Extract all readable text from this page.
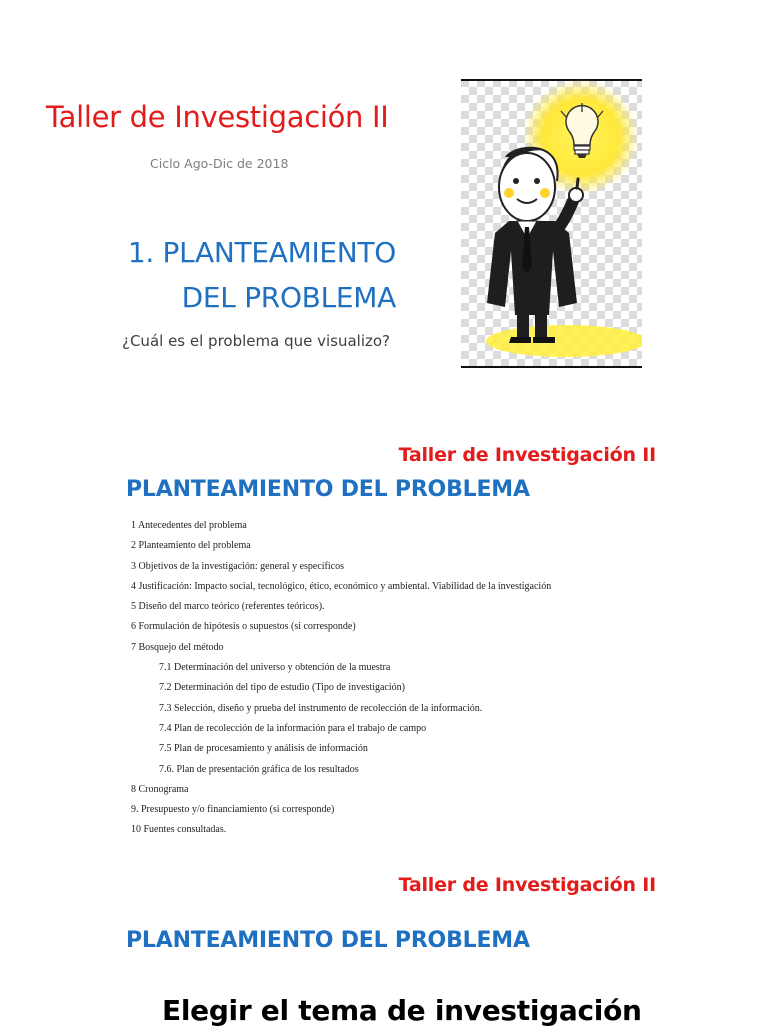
Taller de Investigación II
Ciclo Ago-Dic de 2018
1. PLANTEAMIENTO
DEL PROBLEMA
¿Cuál es el problema que visualizo?
Taller de Investigación II
PLANTEAMIENTO DEL PROBLEMA
1 Antecedentes del problema
2 Planteamiento del problema
3 Objetivos de la investigación: general y específicos
4 Justificación: Impacto social, tecnológico, ético, económico y ambiental. Viabilidad de la investigación
5 Diseño del marco teórico (referentes teóricos).
6 Formulación de hipótesis o supuestos (si corresponde)
7 Bosquejo del método
7.1 Determinación del universo y obtención de la muestra
7.2 Determinación del tipo de estudio (Tipo de investigación)
7.3 Selección, diseño y prueba del instrumento de recolección de la información.
7.4 Plan de recolección de la información para el trabajo de campo
7.5 Plan de procesamiento y análisis de información
7.6. Plan de presentación gráfica de los resultados
8 Cronograma
9. Presupuesto y/o financiamiento (si corresponde)
10 Fuentes consultadas.
Taller de Investigación II
PLANTEAMIENTO DEL PROBLEMA
Elegir el tema de investigación
